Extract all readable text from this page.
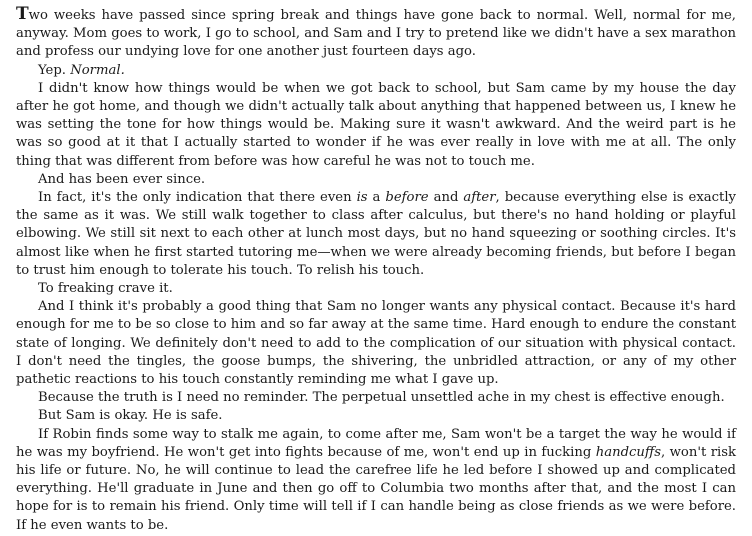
Two weeks have passed since spring break and things have gone back to normal. Well, normal for me, anyway. Mom goes to work, I go to school, and Sam and I try to pretend like we didn't have a sex marathon and profess our undying love for one another just fourteen days ago.

Yep. Normal.

I didn't know how things would be when we got back to school, but Sam came by my house the day after he got home, and though we didn't actually talk about anything that happened between us, I knew he was setting the tone for how things would be. Making sure it wasn't awkward. And the weird part is he was so good at it that I actually started to wonder if he was ever really in love with me at all. The only thing that was different from before was how careful he was not to touch me.

And has been ever since.

In fact, it's the only indication that there even is a before and after, because everything else is exactly the same as it was. We still walk together to class after calculus, but there's no hand holding or playful elbowing. We still sit next to each other at lunch most days, but no hand squeezing or soothing circles. It's almost like when he first started tutoring me—when we were already becoming friends, but before I began to trust him enough to tolerate his touch. To relish his touch.

To freaking crave it.

And I think it's probably a good thing that Sam no longer wants any physical contact. Because it's hard enough for me to be so close to him and so far away at the same time. Hard enough to endure the constant state of longing. We definitely don't need to add to the complication of our situation with physical contact. I don't need the tingles, the goose bumps, the shivering, the unbridled attraction, or any of my other pathetic reactions to his touch constantly reminding me what I gave up.

Because the truth is I need no reminder. The perpetual unsettled ache in my chest is effective enough.

But Sam is okay. He is safe.

If Robin finds some way to stalk me again, to come after me, Sam won't be a target the way he would if he was my boyfriend. He won't get into fights because of me, won't end up in fucking handcuffs, won't risk his life or future. No, he will continue to lead the carefree life he led before I showed up and complicated everything. He'll graduate in June and then go off to Columbia two months after that, and the most I can hope for is to remain his friend. Only time will tell if I can handle being as close friends as we were before. If he even wants to be.
